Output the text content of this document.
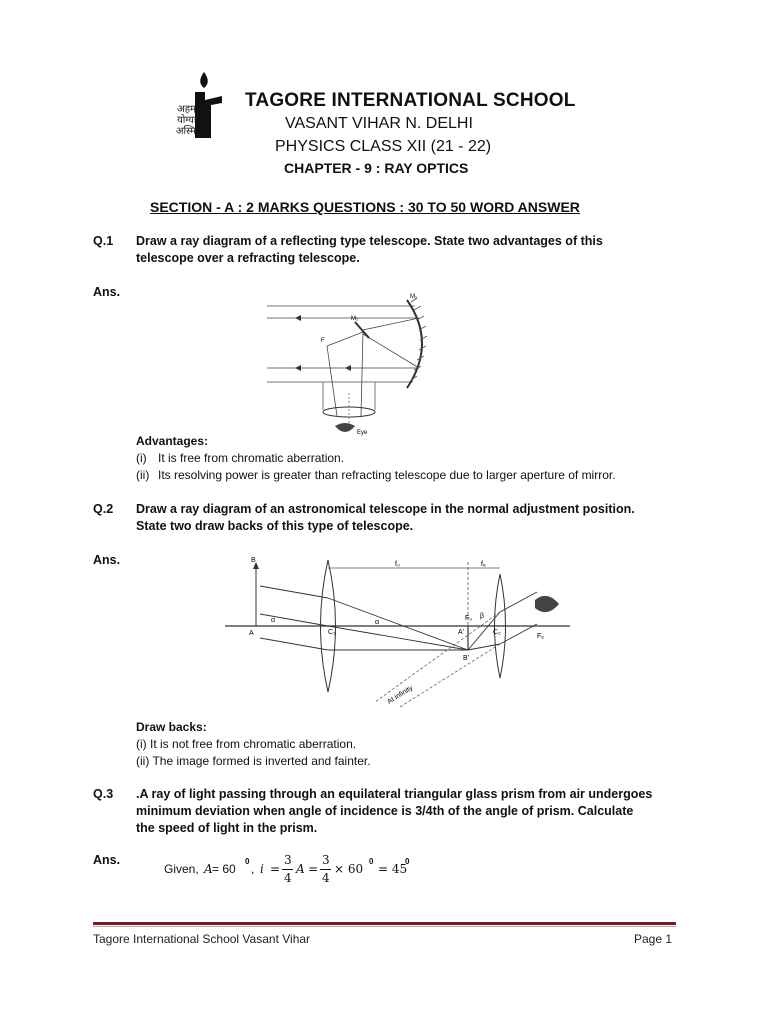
अहम्
योग्यः
अस्मि
TAGORE INTERNATIONAL SCHOOL
VASANT VIHAR N. DELHI
PHYSICS CLASS XII (21 - 22)
CHAPTER - 9 : RAY OPTICS
SECTION - A : 2 MARKS QUESTIONS : 30 TO 50 WORD ANSWER
Q.1 Draw a ray diagram of a reflecting type telescope. State two advantages of this
telescope over a refracting telescope.
Ans.	M₁
M₂
F
Eye
Advantages:
(i) It is free from chromatic aberration.
(ii) Its resolving power is greater than refracting telescope due to larger aperture of mirror.
Q.2 Draw a ray diagram of an astronomical telescope in the normal adjustment position.
State two draw backs of this type of telescope.
Ans.	B
A
α	α
C₁
f₀	fₑ
F₀ β
A'
B'
C₂
Fₑ
At infinity
Draw backs:
(i) It is not free from chromatic aberration.
(ii) The image formed is inverted and fainter.
Q.3 .A ray of light passing through an equilateral triangular glass prism from air undergoes
minimum deviation when angle of incidence is 3/4th of the angle of prism. Calculate
the speed of light in the prism.
Ans.
Given, A = 60
0
, i =
3
4
A =
3
4
× 60
0
= 45
0
Tagore International School Vasant Vihar	Page 1
